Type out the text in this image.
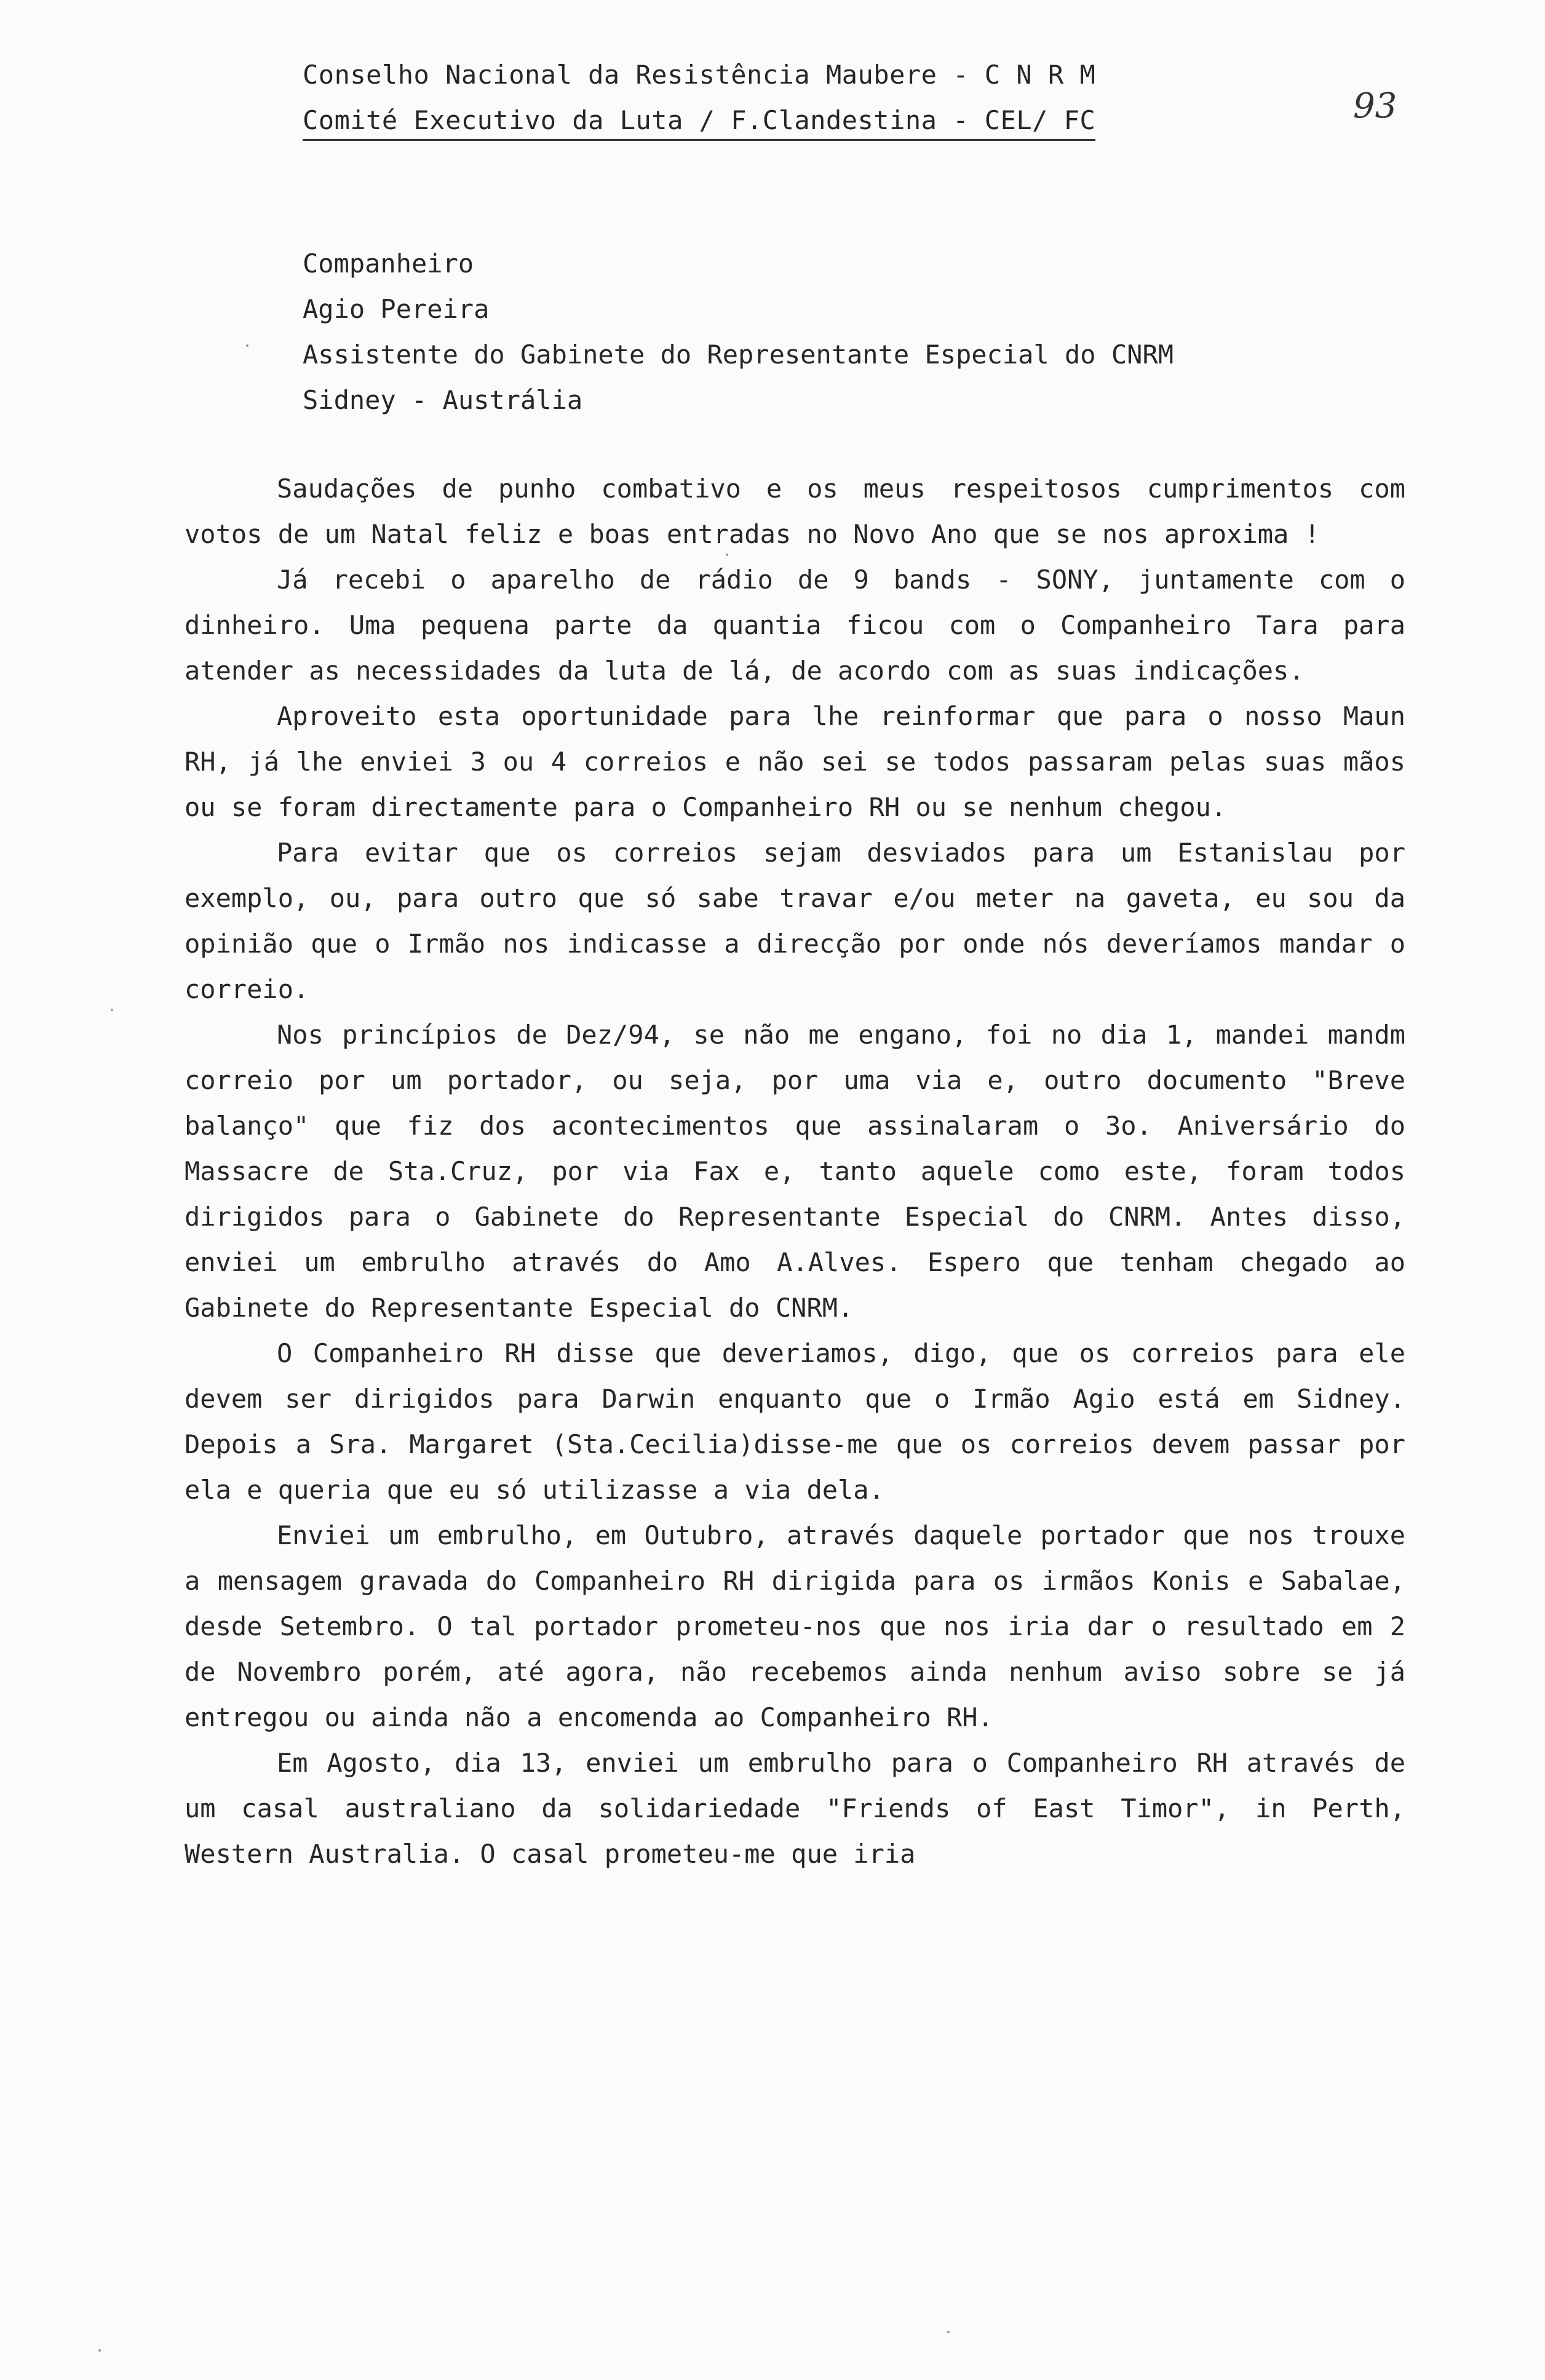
Conselho Nacional da Resistência Maubere - C N R M
Comité Executivo da Luta / F.Clandestina - CEL/ FC	93
Companheiro
Agio Pereira
Assistente do Gabinete do Representante Especial do CNRM
Sidney - Austrália

Saudações de punho combativo e os meus respeitosos cumprimentos com votos de um Natal feliz e boas entradas no Novo Ano que se nos aproxima !

Já recebi o aparelho de rádio de 9 bands - SONY, juntamente com o dinheiro. Uma pequena parte da quantia ficou com o Companheiro Tara para atender as necessidades da luta de lá, de acordo com as suas indicações.

Aproveito esta oportunidade para lhe reinformar que para o nosso Maun RH, já lhe enviei 3 ou 4 correios e não sei se todos passaram pelas suas mãos ou se foram directamente para o Companheiro RH ou se nenhum chegou.

Para evitar que os correios sejam desviados para um Estanislau por exemplo, ou, para outro que só sabe travar e/ou meter na gaveta, eu sou da opinião que o Irmão nos indicasse a direcção por onde nós deveríamos mandar o correio.

Nos princípios de Dez/94, se não me engano, foi no dia 1, mandei mandm correio por um portador, ou seja, por uma via e, outro documento "Breve balanço" que fiz dos acontecimentos que assinalaram o 3o. Aniversário do Massacre de Sta.Cruz, por via Fax e, tanto aquele como este, foram todos dirigidos para o Gabinete do Representante Especial do CNRM. Antes disso, enviei um embrulho através do Amo A.Alves. Espero que tenham chegado ao Gabinete do Representante Especial do CNRM.

O Companheiro RH disse que deveriamos, digo, que os correios para ele devem ser dirigidos para Darwin enquanto que o Irmão Agio está em Sidney. Depois a Sra. Margaret (Sta.Cecilia)disse-me que os correios devem passar por ela e queria que eu só utilizasse a via dela.

Enviei um embrulho, em Outubro, através daquele portador que nos trouxe a mensagem gravada do Companheiro RH dirigida para os irmãos Konis e Sabalae, desde Setembro. O tal portador prometeu-nos que nos iria dar o resultado em 2 de Novembro porém, até agora, não recebemos ainda nenhum aviso sobre se já entregou ou ainda não a encomenda ao Companheiro RH.

Em Agosto, dia 13, enviei um embrulho para o Companheiro RH através de um casal australiano da solidariedade "Friends of East Timor", in Perth, Western Australia. O casal prometeu-me que iria
